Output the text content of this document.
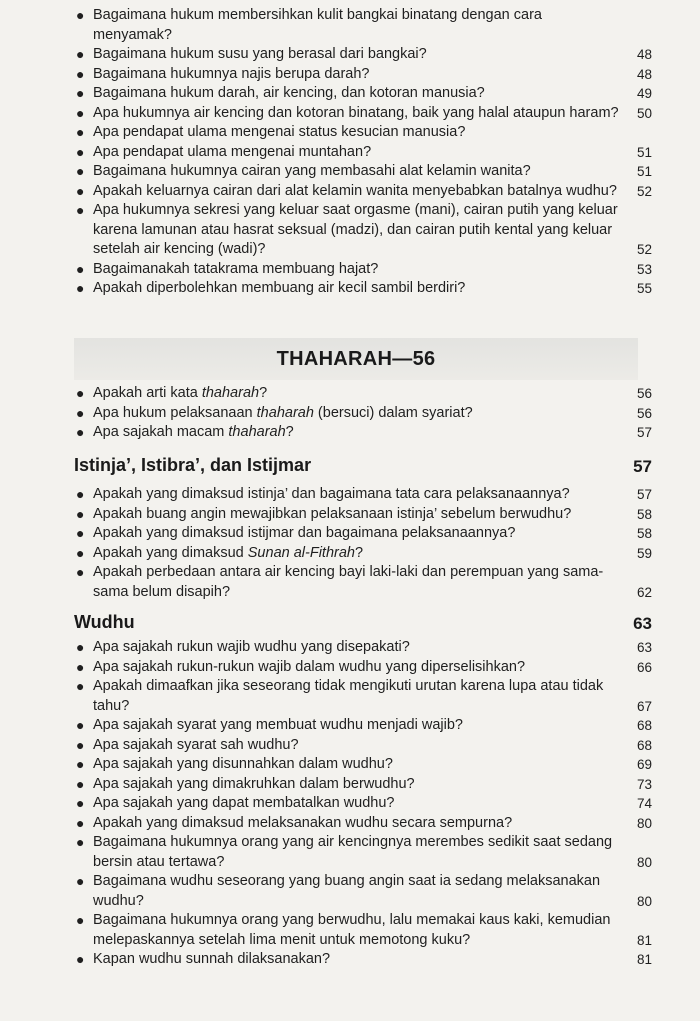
● Bagaimana hukum membersihkan kulit bangkai binatang dengan cara menyamak?
● Bagaimana hukum susu yang berasal dari bangkai?	48
● Bagaimana hukumnya najis berupa darah?	48
● Bagaimana hukum darah, air kencing, dan kotoran manusia?	49
● Apa hukumnya air kencing dan kotoran binatang, baik yang halal ataupun haram?	50
● Apa pendapat ulama mengenai status kesucian manusia?
● Apa pendapat ulama mengenai muntahan?	51
● Bagaimana hukumnya cairan yang membasahi alat kelamin wanita?	51
● Apakah keluarnya cairan dari alat kelamin wanita menyebabkan batalnya wudhu?	52
● Apa hukumnya sekresi yang keluar saat orgasme (mani), cairan putih yang keluar karena lamunan atau hasrat seksual (madzi), dan cairan putih kental yang keluar setelah air kencing (wadi)?	52
● Bagaimanakah tatakrama membuang hajat?	53
● Apakah diperbolehkan membuang air kecil sambil berdiri?	55
THAHARAH—56
● Apakah arti kata thaharah?	56
● Apa hukum pelaksanaan thaharah (bersuci) dalam syariat?	56
● Apa sajakah macam thaharah?	57
Istinja’, Istibra’, dan Istijmar	57
● Apakah yang dimaksud istinja’ dan bagaimana tata cara pelaksanaannya?	57
● Apakah buang angin mewajibkan pelaksanaan istinja’ sebelum berwudhu?	58
● Apakah yang dimaksud istijmar dan bagaimana pelaksanaannya?	58
● Apakah yang dimaksud Sunan al-Fithrah?	59
● Apakah perbedaan antara air kencing bayi laki-laki dan perempuan yang sama-sama belum disapih?	62
Wudhu	63
● Apa sajakah rukun wajib wudhu yang disepakati?	63
● Apa sajakah rukun-rukun wajib dalam wudhu yang diperselisihkan?	66
● Apakah dimaafkan jika seseorang tidak mengikuti urutan karena lupa atau tidak tahu?	67
● Apa sajakah syarat yang membuat wudhu menjadi wajib?	68
● Apa sajakah syarat sah wudhu?	68
● Apa sajakah yang disunnahkan dalam wudhu?	69
● Apa sajakah yang dimakruhkan dalam berwudhu?	73
● Apa sajakah yang dapat membatalkan wudhu?	74
● Apakah yang dimaksud melaksanakan wudhu secara sempurna?	80
● Bagaimana hukumnya orang yang air kencingnya merembes sedikit saat sedang bersin atau tertawa?	80
● Bagaimana wudhu seseorang yang buang angin saat ia sedang melaksanakan wudhu?	80
● Bagaimana hukumnya orang yang berwudhu, lalu memakai kaus kaki, kemudian melepaskannya setelah lima menit untuk memotong kuku?	81
● Kapan wudhu sunnah dilaksanakan?	81
